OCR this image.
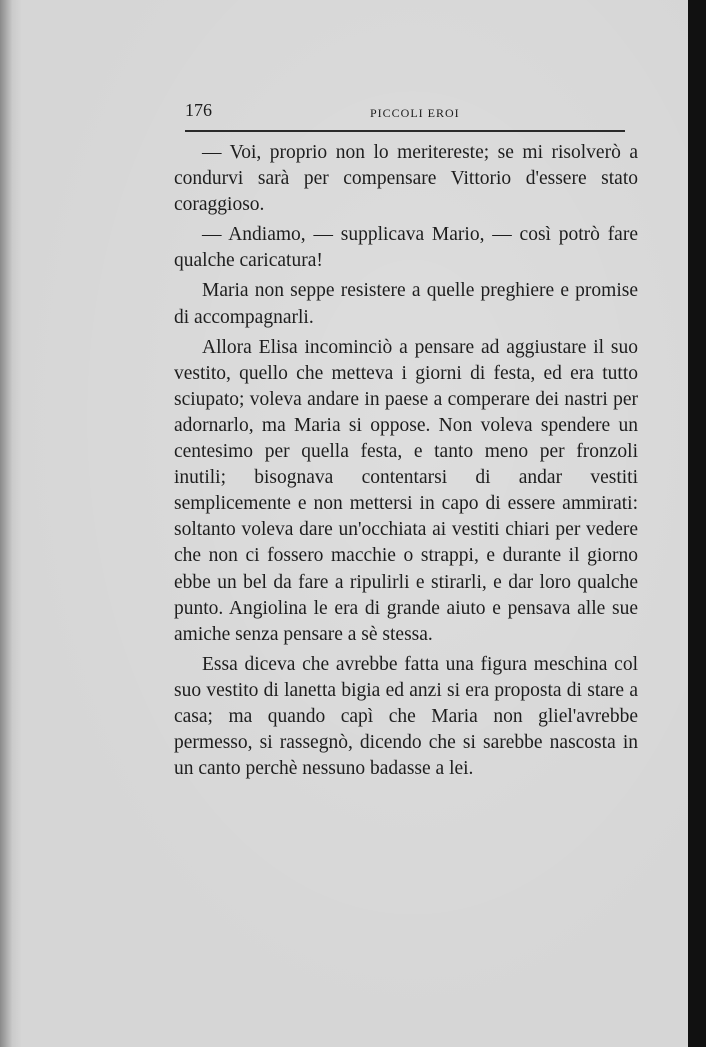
176	PICCOLI EROI

— Voi, proprio non lo meritereste; se mi risolverò a condurvi sarà per compensare Vittorio d'essere stato coraggioso.

— Andiamo, — supplicava Mario, — così potrò fare qualche caricatura!

Maria non seppe resistere a quelle preghiere e promise di accompagnarli.

Allora Elisa incominciò a pensare ad aggiustare il suo vestito, quello che metteva i giorni di festa, ed era tutto sciupato; voleva andare in paese a comperare dei nastri per adornarlo, ma Maria si oppose. Non voleva spendere un centesimo per quella festa, e tanto meno per fronzoli inutili; bisognava contentarsi di andar vestiti semplicemente e non mettersi in capo di essere ammirati: soltanto voleva dare un'occhiata ai vestiti chiari per vedere che non ci fossero macchie o strappi, e durante il giorno ebbe un bel da fare a ripulirli e stirarli, e dar loro qualche punto. Angiolina le era di grande aiuto e pensava alle sue amiche senza pensare a sè stessa.

Essa diceva che avrebbe fatta una figura meschina col suo vestito di lanetta bigia ed anzi si era proposta di stare a casa; ma quando capì che Maria non gliel'avrebbe permesso, si rassegnò, dicendo che si sarebbe nascosta in un canto perchè nessuno badasse a lei.
